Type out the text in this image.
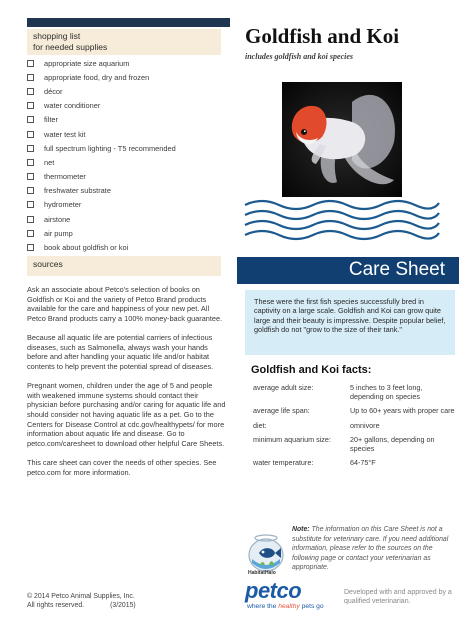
shopping list
for needed supplies
appropriate size aquarium
appropriate food, dry and frozen
décor
water conditioner
filter
water test kit
full spectrum lighting - T5 recommended
net
thermometer
freshwater substrate
hydrometer
airstone
air pump
book about goldfish or koi
sources

Ask an associate about Petco's selection of books on Goldfish or Koi and the variety of Petco Brand products available for the care and happiness of your new pet. All Petco Brand products carry a 100% money-back guarantee.

Because all aquatic life are potential carriers of infectious diseases, such as Salmonella, always wash your hands before and after handling your aquatic life and/or habitat contents to help prevent the potential spread of diseases.

Pregnant women, children under the age of 5 and people with weakened immune systems should contact their physician before purchasing and/or caring for aquatic life and should consider not having aquatic life as a pet. Go to the Centers for Disease Control at cdc.gov/healthypets/ for more information about aquatic life and disease. Go to petco.com/caresheet to download other helpful Care Sheets.

This care sheet can cover the needs of other species. See petco.com for more information.

© 2014 Petco Animal Supplies, Inc.
All rights reserved.	(3/2015)
Goldfish and Koi
includes goldfish and koi species
Care Sheet

These were the first fish species successfully bred in captivity on a large scale. Goldfish and Koi can grow quite large and their beauty is impressive. Despite popular belief, goldfish do not "grow to the size of their tank."

Goldfish and Koi facts:
average adult size:	5 inches to 3 feet long, depending on species
average life span:	Up to 60+ years with proper care
diet:	omnivore
minimum aquarium size:	20+ gallons, depending on species
water temperature:	64-75°F
HabitatHalo
Note: The information on this Care Sheet is not a substitute for veterinary care. If you need additional information, please refer to the sources on the following page or contact your veterinarian as appropriate.
petco
where the healthy pets go
Developed with and approved by a qualified veterinarian.
